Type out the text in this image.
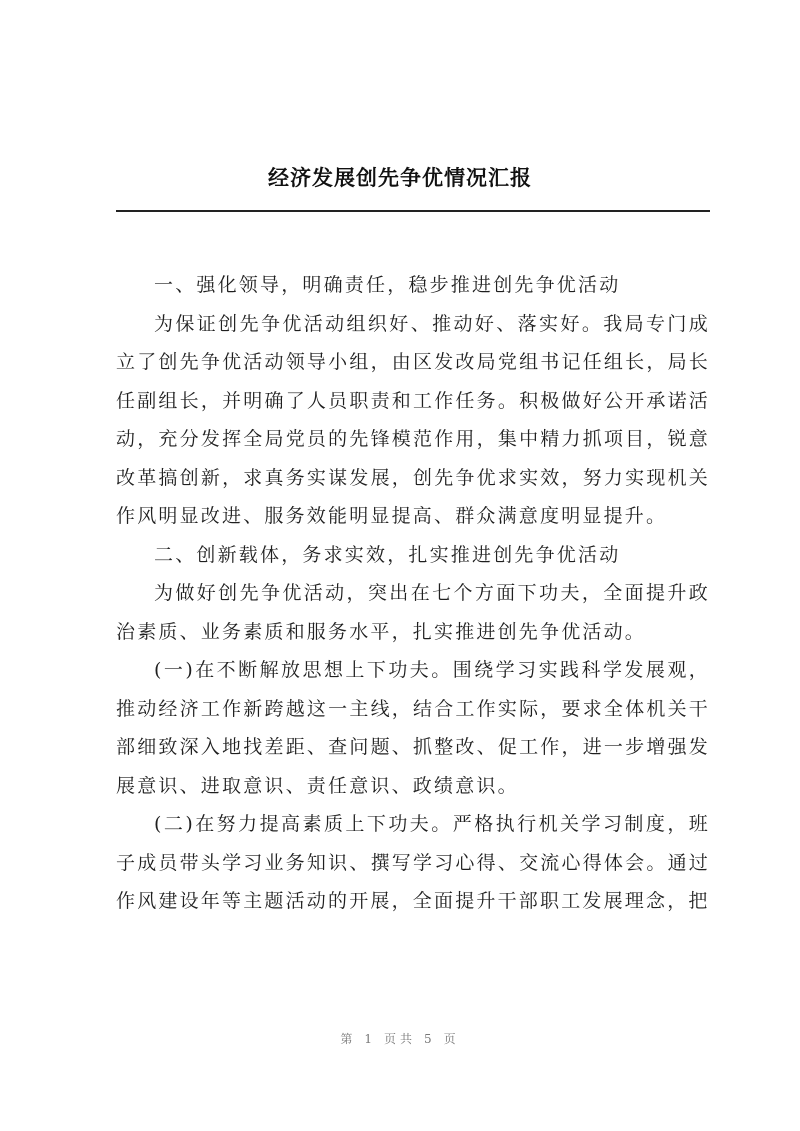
经济发展创先争优情况汇报

一、强化领导，明确责任，稳步推进创先争优活动

为保证创先争优活动组织好、推动好、落实好。我局专门成立了创先争优活动领导小组，由区发改局党组书记任组长，局长任副组长，并明确了人员职责和工作任务。积极做好公开承诺活动，充分发挥全局党员的先锋模范作用，集中精力抓项目，锐意改革搞创新，求真务实谋发展，创先争优求实效，努力实现机关作风明显改进、服务效能明显提高、群众满意度明显提升。

二、创新载体，务求实效，扎实推进创先争优活动

为做好创先争优活动，突出在七个方面下功夫，全面提升政治素质、业务素质和服务水平，扎实推进创先争优活动。

(一)在不断解放思想上下功夫。围绕学习实践科学发展观，推动经济工作新跨越这一主线，结合工作实际，要求全体机关干部细致深入地找差距、查问题、抓整改、促工作，进一步增强发展意识、进取意识、责任意识、政绩意识。

(二)在努力提高素质上下功夫。严格执行机关学习制度，班子成员带头学习业务知识、撰写学习心得、交流心得体会。通过作风建设年等主题活动的开展，全面提升干部职工发展理念，把

第 1 页共 5 页
